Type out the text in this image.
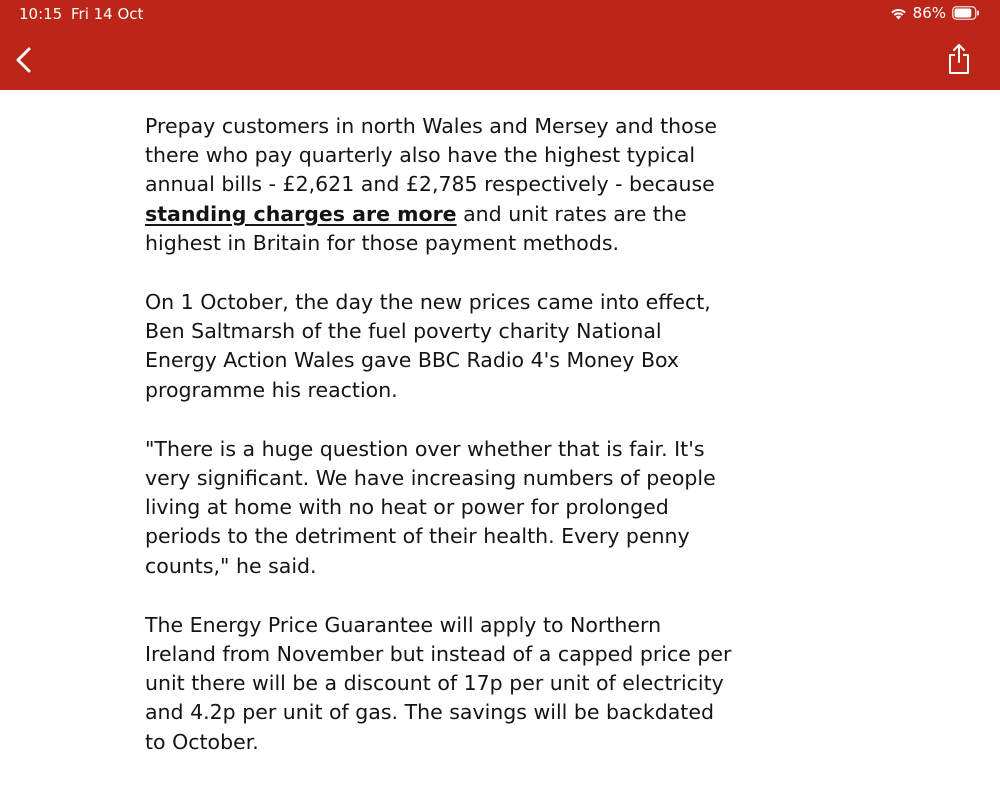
10:15 Fri 14 Oct	86%

Prepay customers in north Wales and Mersey and those there who pay quarterly also have the highest typical annual bills - £2,621 and £2,785 respectively - because standing charges are more and unit rates are the highest in Britain for those payment methods.

On 1 October, the day the new prices came into effect, Ben Saltmarsh of the fuel poverty charity National Energy Action Wales gave BBC Radio 4's Money Box programme his reaction.

"There is a huge question over whether that is fair. It's very significant. We have increasing numbers of people living at home with no heat or power for prolonged periods to the detriment of their health. Every penny counts," he said.

The Energy Price Guarantee will apply to Northern Ireland from November but instead of a capped price per unit there will be a discount of 17p per unit of electricity and 4.2p per unit of gas. The savings will be backdated to October.
